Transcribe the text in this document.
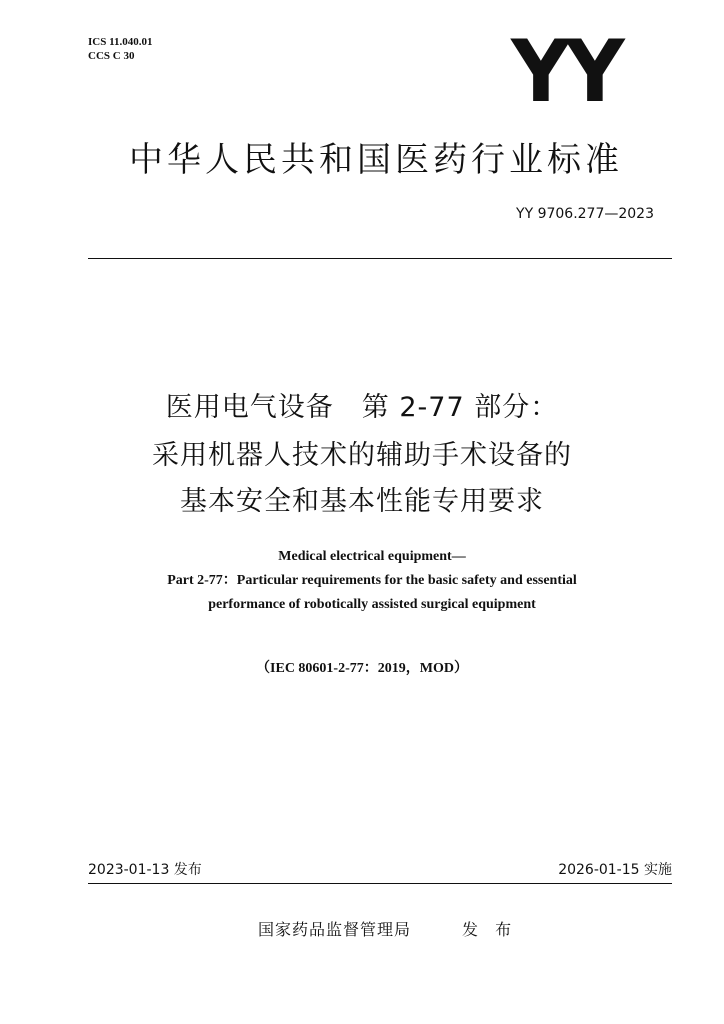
ICS 11.040.01
CCS C 30	YY
中华人民共和国医药行业标准
YY 9706.277—2023
医用电气设备　第 2-77 部分：
采用机器人技术的辅助手术设备的
基本安全和基本性能专用要求
Medical electrical equipment—
Part 2-77：Particular requirements for the basic safety and essential
performance of robotically assisted surgical equipment
（IEC 80601-2-77：2019，MOD）
2023-01-13 发布	2026-01-15 实施
国家药品监督管理局	发 布
